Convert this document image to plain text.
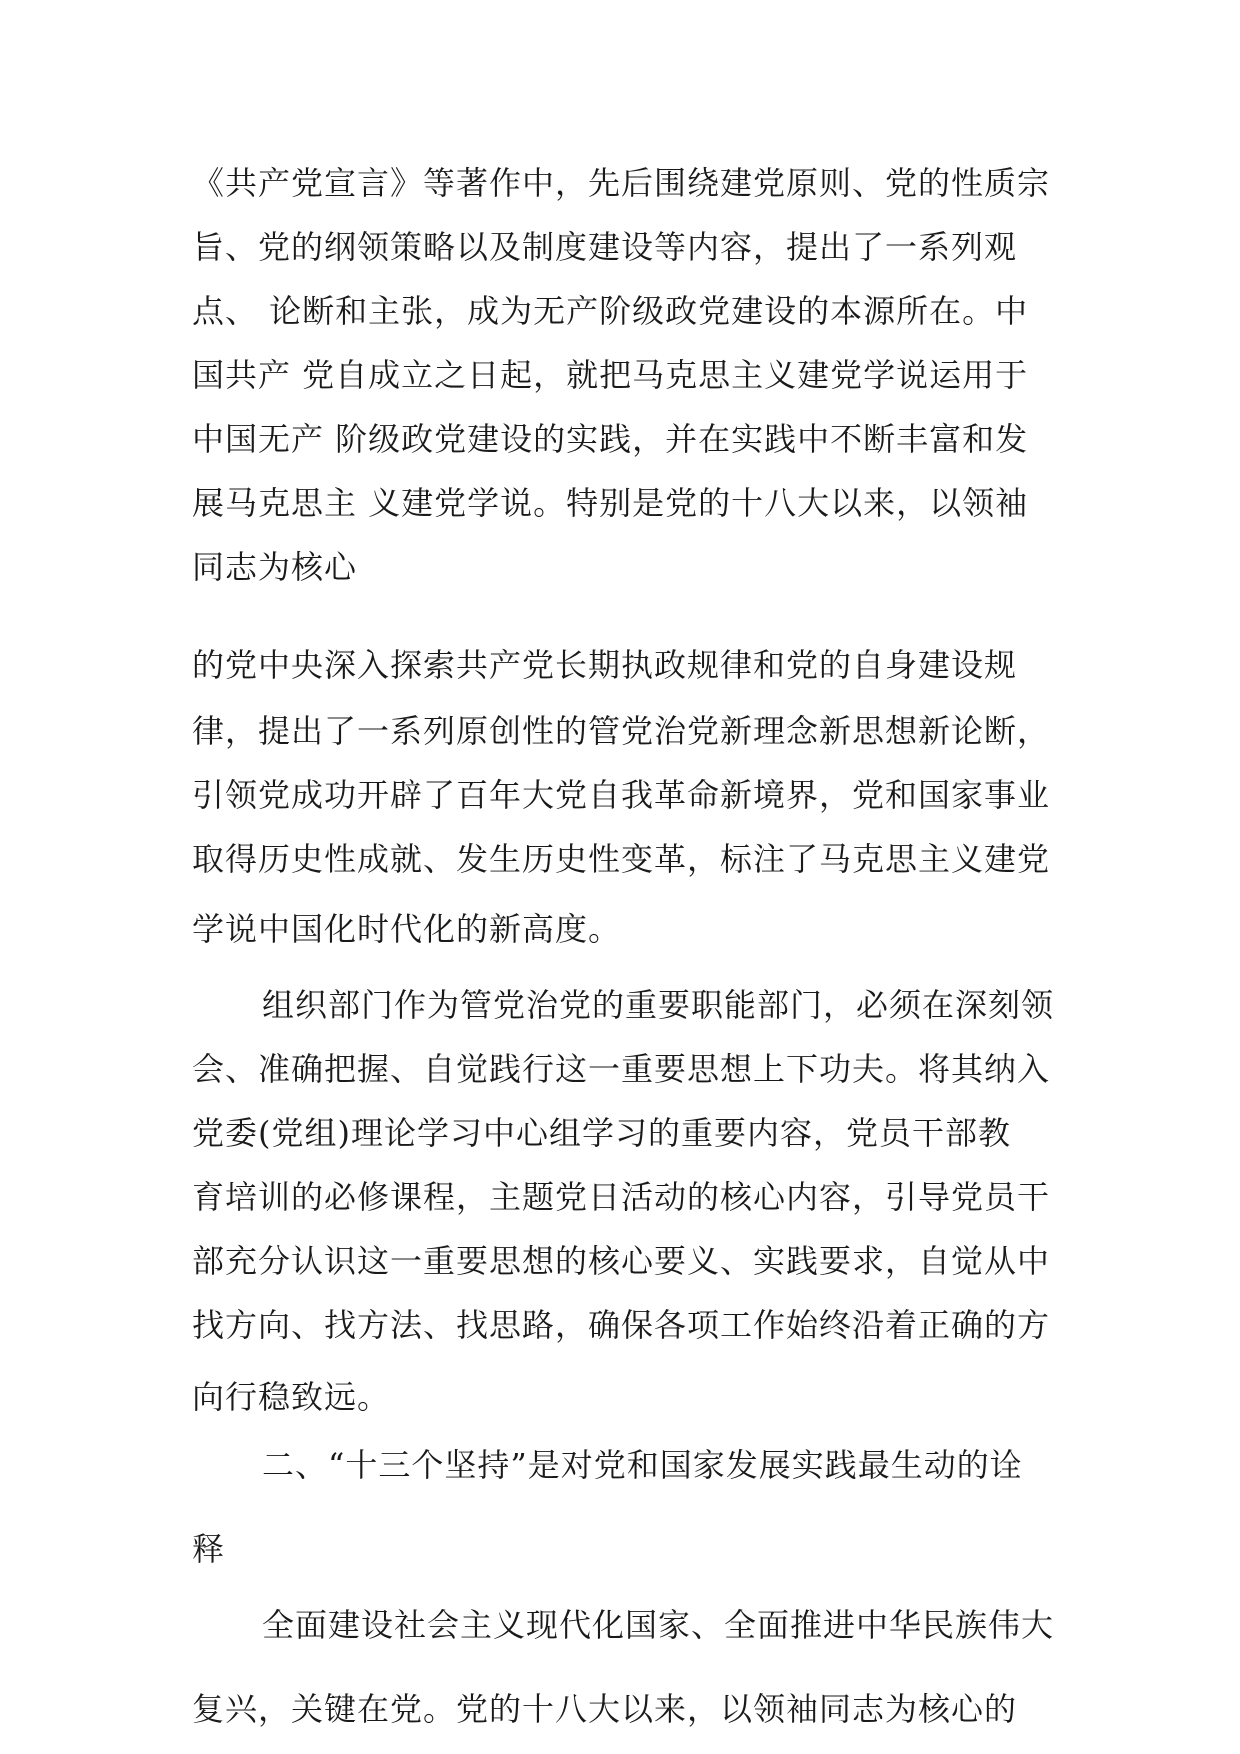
《共产党宣言》等著作中，先后围绕建党原则、党的性质宗
旨、党的纲领策略以及制度建设等内容，提出了一系列观
点、 论断和主张，成为无产阶级政党建设的本源所在。中
国共产 党自成立之日起，就把马克思主义建党学说运用于
中国无产 阶级政党建设的实践，并在实践中不断丰富和发
展马克思主 义建党学说。特别是党的十八大以来，以领袖
同志为核心
的党中央深入探索共产党长期执政规律和党的自身建设规
律，提出了一系列原创性的管党治党新理念新思想新论断，
引领党成功开辟了百年大党自我革命新境界，党和国家事业
取得历史性成就、发生历史性变革，标注了马克思主义建党
学说中国化时代化的新高度。
组织部门作为管党治党的重要职能部门，必须在深刻领
会、准确把握、自觉践行这一重要思想上下功夫。将其纳入
党委(党组)理论学习中心组学习的重要内容，党员干部教
育培训的必修课程，主题党日活动的核心内容，引导党员干
部充分认识这一重要思想的核心要义、实践要求，自觉从中
找方向、找方法、找思路，确保各项工作始终沿着正确的方
向行稳致远。
二、“十三个坚持”是对党和国家发展实践最生动的诠
释
全面建设社会主义现代化国家、全面推进中华民族伟大
复兴，关键在党。党的十八大以来，以领袖同志为核心的
